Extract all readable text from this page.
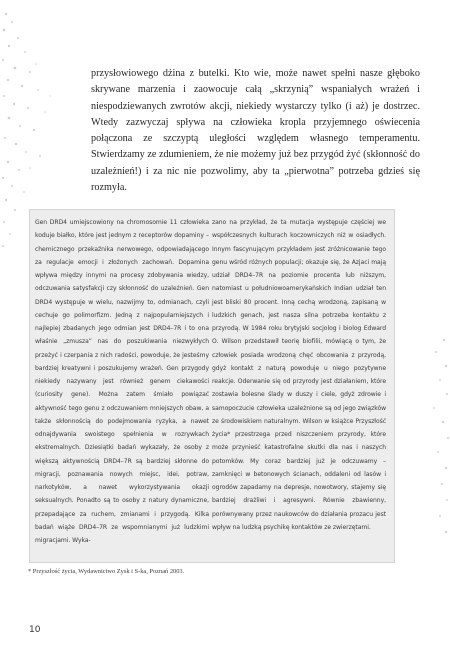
przysłowiowego dżina z butelki. Kto wie, może nawet spełni nasze głęboko skrywane marzenia i zaowocuje całą „skrzynią” wspaniałych wrażeń i niespodziewanych zwrotów akcji, niekiedy wystarczy tylko (i aż) je dostrzec. Wtedy zazwyczaj spływa na człowieka kropla przyjemnego oświecenia połączona ze szczyptą uległości względem własnego temperamentu. Stwierdzamy ze zdumieniem, że nie możemy już bez przygód żyć (skłonność do uzależnień!) i za nic nie pozwolimy, aby ta „pierwotna” potrzeba gdzieś się rozmyła.

Gen DRD4 umiejscowiony na chromosomie 11 człowieka koduje białko, które jest jednym z receptorów dopaminy – chemicznego przekaźnika nerwowego, odpowiadającego za regulacje emocji i złożonych zachowań. Dopamina wpływa między innymi na procesy zdobywania wiedzy, odczuwania satysfakcji czy skłonność do uzależnień. Gen DRD4 występuje w wielu, nazwijmy to, odmianach, czyli cechuje go polimorfizm. Jedną z najpopularniejszych i najlepiej zbadanych jego odmian jest DRD4–7R i to ona właśnie „zmusza” nas do poszukiwania niezwykłych przeżyć i czerpania z nich radości, powoduje, że jesteśmy bardziej kreatywni i poszukujemy wrażeń. Gen przygody niekiedy nazywany jest również genem ciekawości (curiosity gene). Można zatem śmiało powiązać aktywność tego genu z odczuwaniem mniejszych obaw, a także skłonnością do podejmowania ryzyka, a nawet odnajdywania swoistego spełnienia w rozrywkach ekstremalnych. Dziesiątki badań wykazały, że osoby z większą aktywnością DRD4–7R są bardziej skłonne do migracji, poznawania nowych miejsc, idei, potraw, narkotyków, a nawet wykorzystywania okazji seksualnych. Ponadto są to osoby z natury dynamiczne, przepadające za ruchem, zmianami i przygodą. Kilka badań wiąże DRD4–7R ze wspomnianymi już ludzkimi migracjami. Wyka-

zano na przykład, że ta mutacja występuje częściej we współczesnych kulturach koczowniczych niż w osiadłych. Innym fascynującym przykładem jest zróżnicowanie tego genu wśród różnych populacji; okazuje się, że Azjaci mają udział DRD4–7R na poziomie procenta lub niższym, natomiast u południowoamerykańskich Indian udział ten jest bliski 80 procent. Inną cechą wrodzoną, zapisaną w ludzkich genach, jest nasza silna potrzeba kontaktu z przyrodą. W 1984 roku brytyjski socjolog i biolog Edward O. Wilson przedstawił teorię biofilii, mówiącą o tym, że człowiek posiada wrodzoną chęć obcowania z przyrodą, gdyż kontakt z naturą powoduje u niego pozytywne reakcje. Oderwanie się od przyrody jest działaniem, które zostawia bolesne ślady w duszy i ciele, gdyż zdrowie i samopoczucie człowieka uzależnione są od jego związków ze środowiskiem naturalnym. Wilson w książce Przyszłość życia* przestrzega przed niszczeniem przyrody, które może przynieść katastrofalne skutki dla nas i naszych potomków. My coraz bardziej już je odczuwamy – zamknięci w betonowych ścianach, oddaleni od lasów i ogrodów zapadamy na depresje, nowotwory, stajemy się bardziej drażliwi i agresywni. Równie zbawienny, porównywany przez naukowców do działania prozacu jest wpływ na ludzką psychikę kontaktów ze zwierzętami.

* Przyszłość życia, Wydawnictwo Zysk i S-ka, Poznań 2003.
10
